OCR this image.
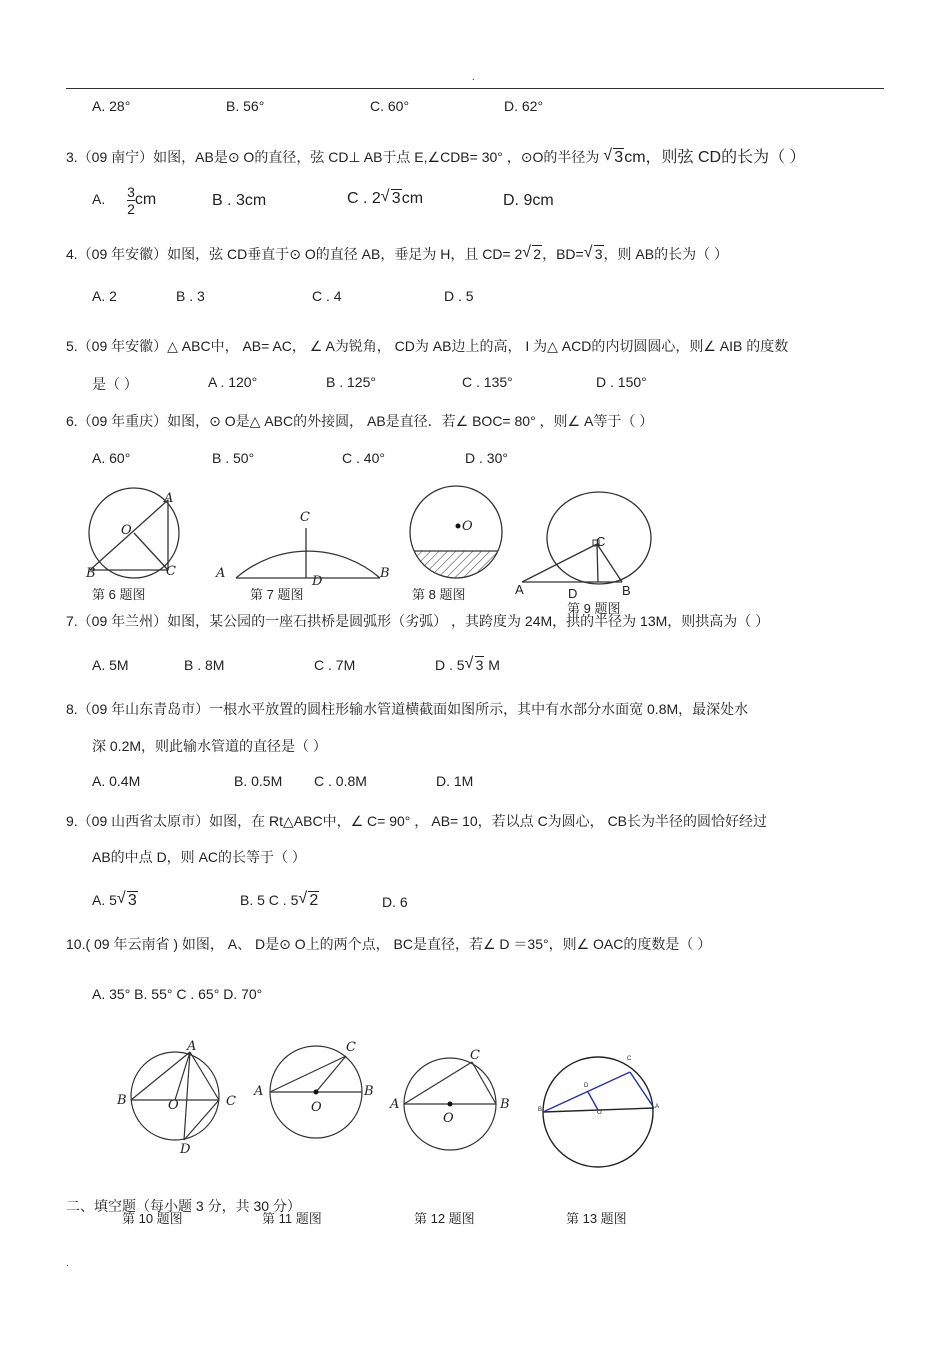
.
A. 28°	B. 56°	C. 60°	D. 62°
3.（09 南宁）如图，AB是⊙ O的直径，弦 CD⊥ AB于点 E,∠CDB= 30° ，⊙O的半径为 √ 3cm，则弦 CD的长为（ ）
A. $\frac{3}{2}$ cm	B . 3cm	C . 2 √ 3cm	D. 9cm
4.（09 年安徽）如图，弦 CD垂直于⊙ O的直径 AB，垂足为 H，且 CD= 2 √ 2，BD= √ 3，则 AB的长为（ ）
A. 2	B . 3	C . 4	D . 5
5.（09 年安徽）△ ABC中， AB= AC， ∠ A为锐角， CD为 AB边上的高， I 为△ ACD的内切圆圆心，则∠ AIB 的度数
是（ ）	A . 120°	B . 125°	C . 135°	D . 150°
6.（09 年重庆）如图，⊙ O是△ ABC的外接圆， AB是直径．若∠ BOC= 80° ，则∠ A等于（ ）
A. 60°	B . 50°	C . 40°	D . 30°
A
O
B	C
第 6 题图
C
A	B
D
第 7 题图
O
第 8 题图
C
A	D	B
第 9 题图
7.（09 年兰州）如图，某公园的一座石拱桥是圆弧形（劣弧） ，其跨度为 24M，拱的半径为 13M，则拱高为（ ）
A. 5M	B . 8M	C . 7M	D . 5 √ 3 M
8.（09 年山东青岛市）一根水平放置的圆柱形输水管道横截面如图所示，其中有水部分水面宽 0.8M，最深处水
深 0.2M，则此输水管道的直径是（ ）
A. 0.4M	B. 0.5M C . 0.8M	D. 1M
9.（09 山西省太原市）如图，在 Rt△ABC中，∠ C= 90° ， AB= 10，若以点 C为圆心， CB长为半径的圆恰好经过
AB的中点 D，则 AC的长等于（ ）
A. 5 √ 3	B. 5 C . 5 √ 2	D. 6
10.( 09 年云南省 ) 如图， A、 D是⊙ O上的两个点， BC是直径，若∠ D ＝35°，则∠ OAC的度数是（ ）
A. 35° B. 55° C . 65° D. 70°
A
B	C
O
D
第 10 题图
C
A	B
O
第 11 题图
C
A	B
O
第 12 题图
C
D
B	O
A
第 13 题图
二、填空题（每小题 3 分，共 30 分）
.
